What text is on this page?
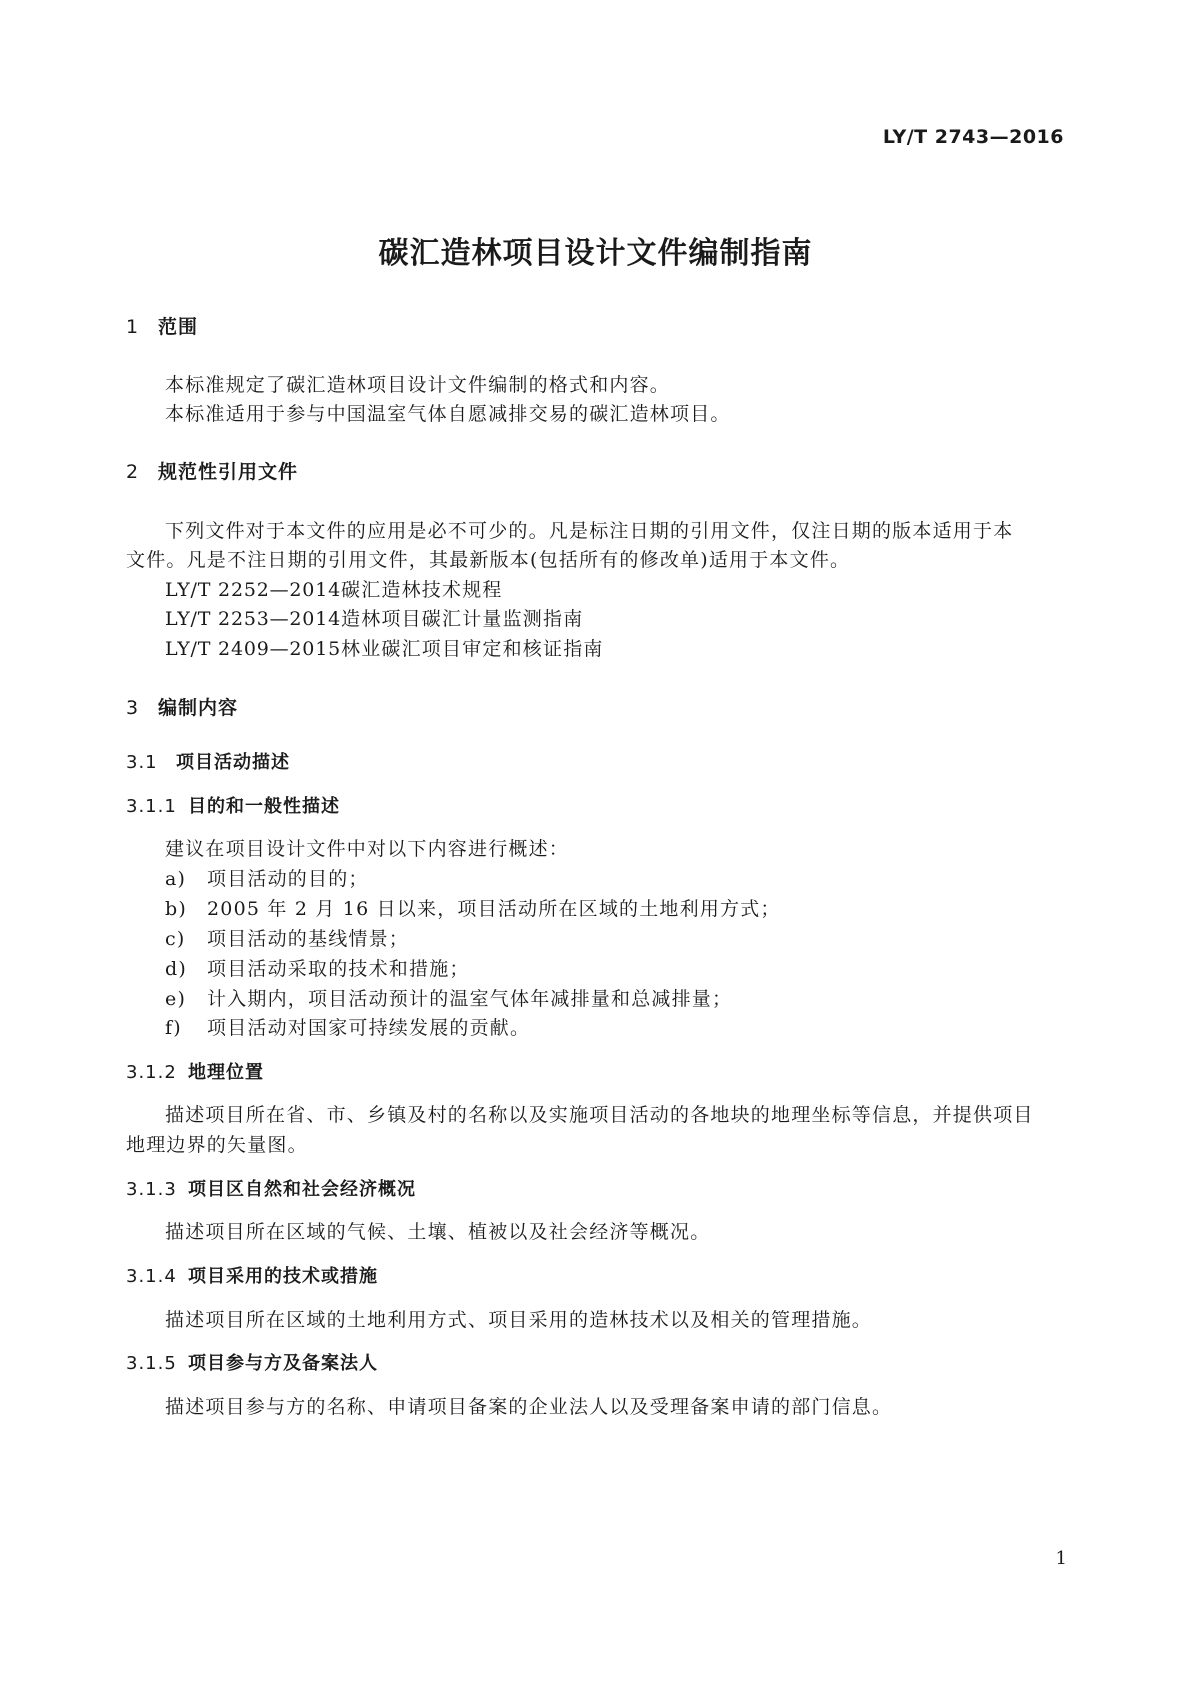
LY/T 2743—2016
碳汇造林项目设计文件编制指南
1 范围
本标准规定了碳汇造林项目设计文件编制的格式和内容。
本标准适用于参与中国温室气体自愿减排交易的碳汇造林项目。
2 规范性引用文件
下列文件对于本文件的应用是必不可少的。凡是标注日期的引用文件，仅注日期的版本适用于本
文件。凡是不注日期的引用文件，其最新版本(包括所有的修改单)适用于本文件。
LY/T 2252—2014碳汇造林技术规程
LY/T 2253—2014造林项目碳汇计量监测指南
LY/T 2409—2015林业碳汇项目审定和核证指南
3 编制内容
3.1 项目活动描述
3.1.1 目的和一般性描述
建议在项目设计文件中对以下内容进行概述：
a) 项目活动的目的；
b) 2005 年 2 月 16 日以来，项目活动所在区域的土地利用方式；
c) 项目活动的基线情景；
d) 项目活动采取的技术和措施；
e) 计入期内，项目活动预计的温室气体年减排量和总减排量；
f) 项目活动对国家可持续发展的贡献。
3.1.2 地理位置
描述项目所在省、市、乡镇及村的名称以及实施项目活动的各地块的地理坐标等信息，并提供项目
地理边界的矢量图。
3.1.3 项目区自然和社会经济概况
描述项目所在区域的气候、土壤、植被以及社会经济等概况。
3.1.4 项目采用的技术或措施
描述项目所在区域的土地利用方式、项目采用的造林技术以及相关的管理措施。
3.1.5 项目参与方及备案法人
描述项目参与方的名称、申请项目备案的企业法人以及受理备案申请的部门信息。
1
